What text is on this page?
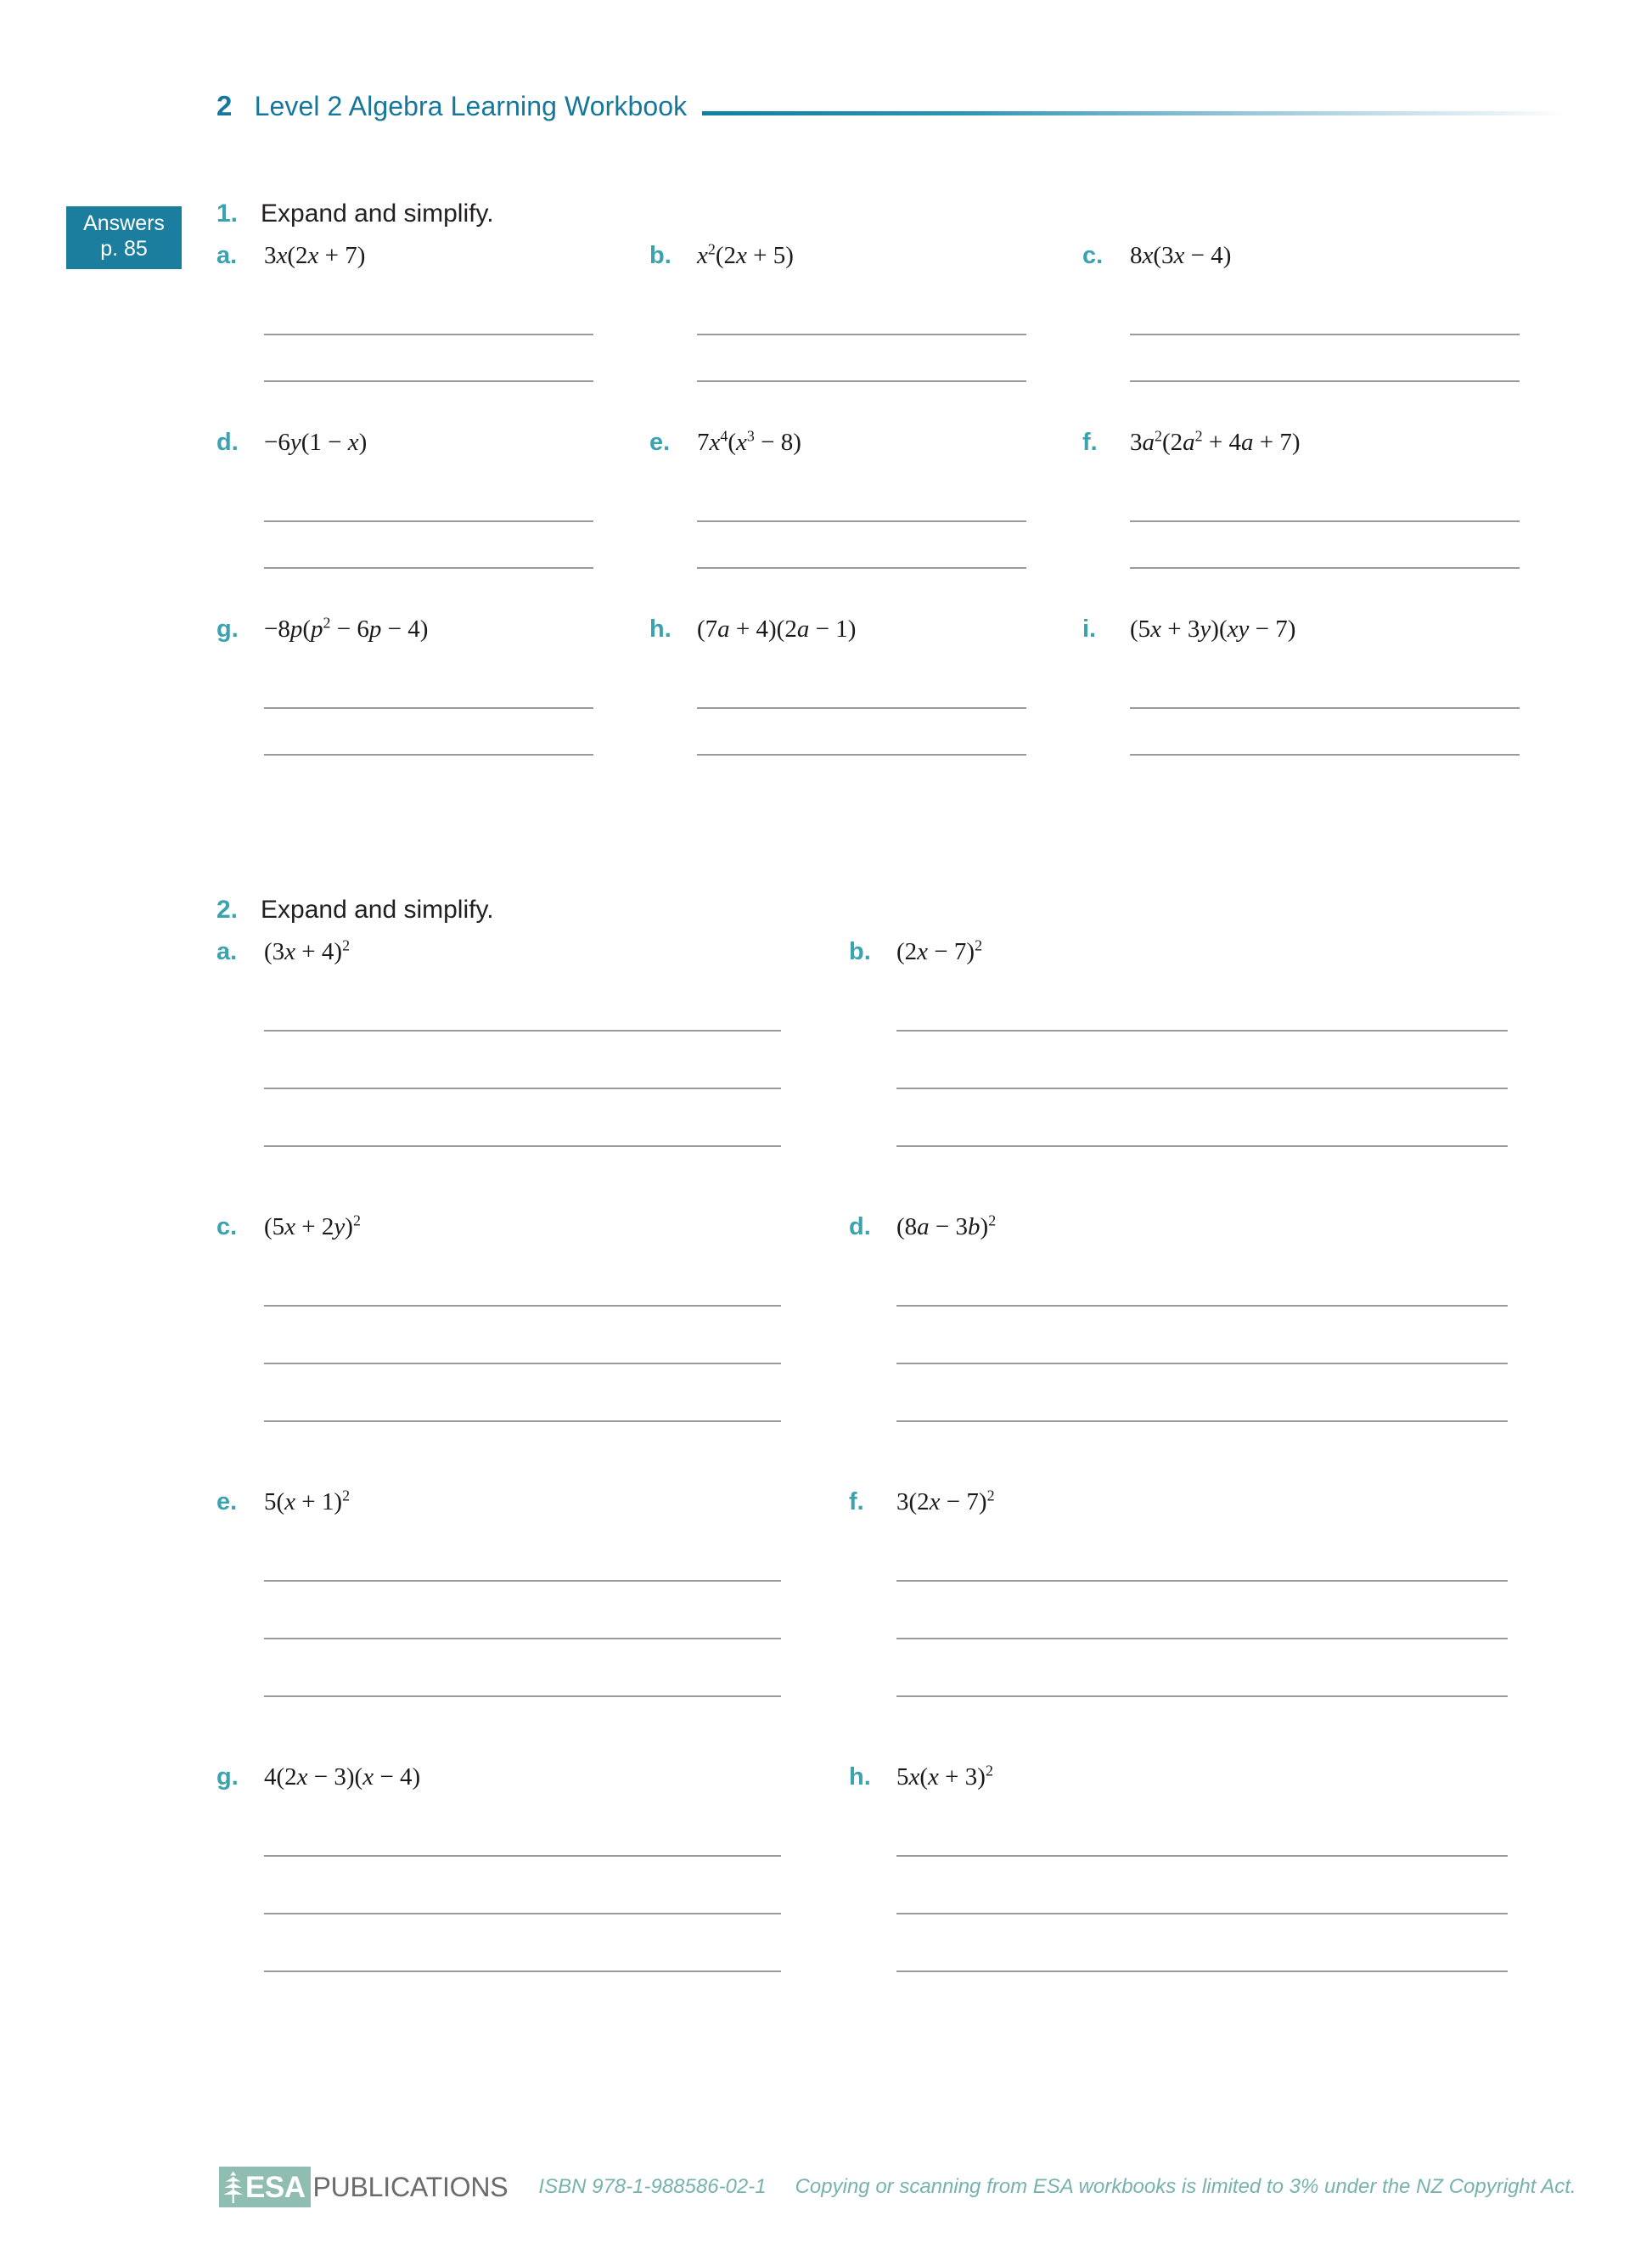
2 Level 2 Algebra Learning Workbook
Answers
p. 85
1. Expand and simplify.
a.	3x(2x + 7)	b.	$x^2(2x + 5)$	c.	8x(3x − 4)
d.	−6y(1 − x)	e.	$7x^4(x^3 - 8)$	f.	$3a^2(2a^2 + 4a + 7)$
g.	$-8p(p^2 - 6p - 4)$	h.	(7a + 4)(2a − 1)	i.	(5x + 3y)(xy − 7)
2. Expand and simplify.
a.	$(3x + 4)^2$	b.	$(2x - 7)^2$
c.	$(5x + 2y)^2$	d.	$(8a - 3b)^2$
e.	$5(x + 1)^2$	f.	$3(2x - 7)^2$
g.	4(2x − 3)(x − 4)	h.	$5x(x + 3)^2$
ESA PUBLICATIONS ISBN 978-1-988586-02-1 Copying or scanning from ESA workbooks is limited to 3% under the NZ Copyright Act.
